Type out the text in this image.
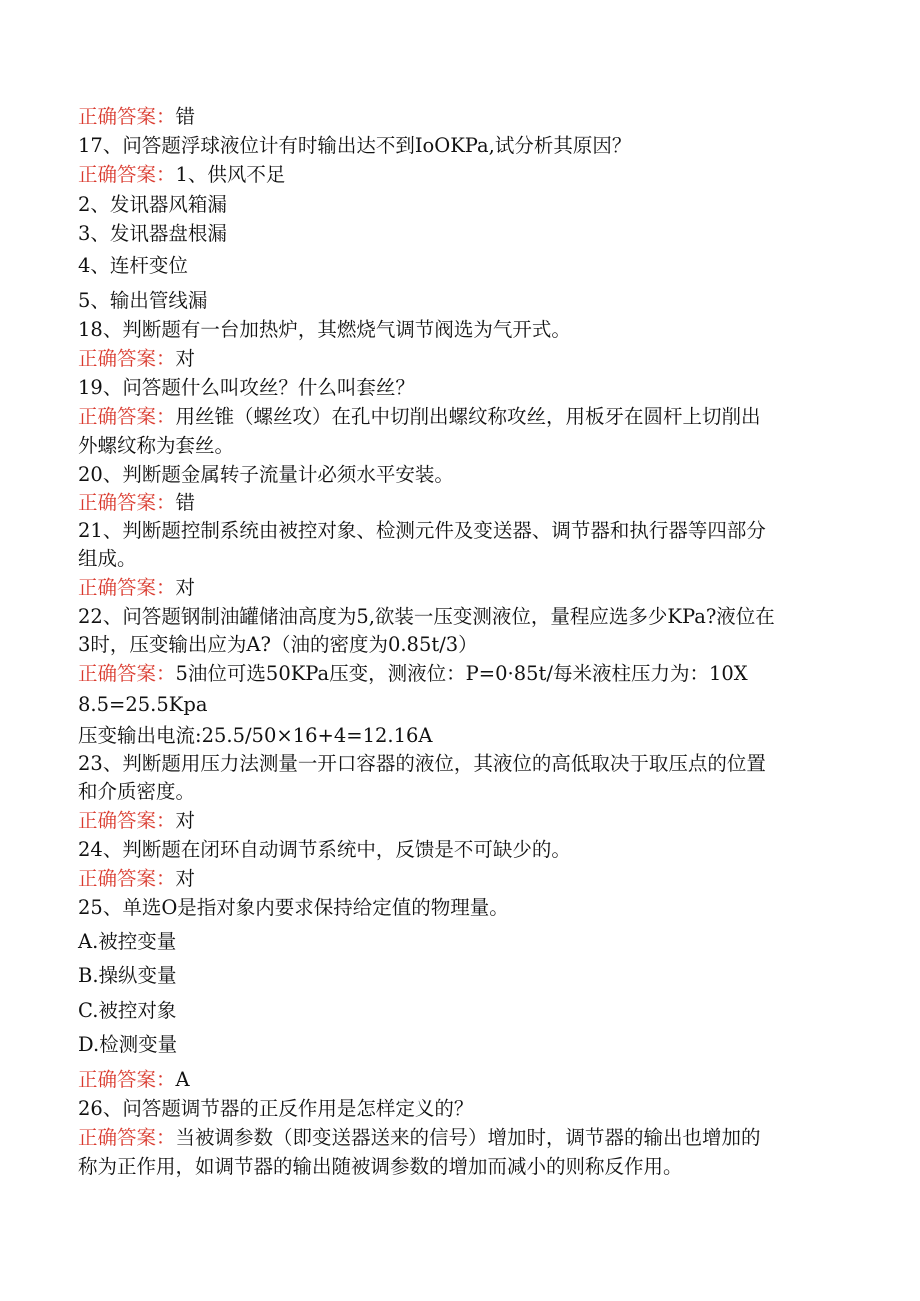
正确答案：错
17、问答题浮球液位计有时输出达不到IoOKPa,试分析其原因？
正确答案：1、供风不足
2、发讯器风箱漏
3、发讯器盘根漏
4、连杆变位
5、输出管线漏
18、判断题有一台加热炉，其燃烧气调节阀选为气开式。
正确答案：对
19、问答题什么叫攻丝？什么叫套丝？
正确答案：用丝锥（螺丝攻）在孔中切削出螺纹称攻丝，用板牙在圆杆上切削出
外螺纹称为套丝。
20、判断题金属转子流量计必须水平安装。
正确答案：错
21、判断题控制系统由被控对象、检测元件及变送器、调节器和执行器等四部分
组成。
正确答案：对
22、问答题钢制油罐储油高度为5,欲装一压变测液位，量程应选多少KPa?液位在
3时，压变输出应为A?（油的密度为0.85t∕3）
正确答案：5油位可选50KPa压变，测液位：P=0·85t/每米液柱压力为：10X
8.5=25.5Kpa
压变输出电流:25.5∕50×16+4=12.16A
23、判断题用压力法测量一开口容器的液位，其液位的高低取决于取压点的位置
和介质密度。
正确答案：对
24、判断题在闭环自动调节系统中，反馈是不可缺少的。
正确答案：对
25、单选O是指对象内要求保持给定值的物理量。
A.被控变量
B.操纵变量
C.被控对象
D.检测变量
正确答案：A
26、问答题调节器的正反作用是怎样定义的？
正确答案：当被调参数（即变送器送来的信号）增加时，调节器的输出也增加的
称为正作用，如调节器的输出随被调参数的增加而减小的则称反作用。
